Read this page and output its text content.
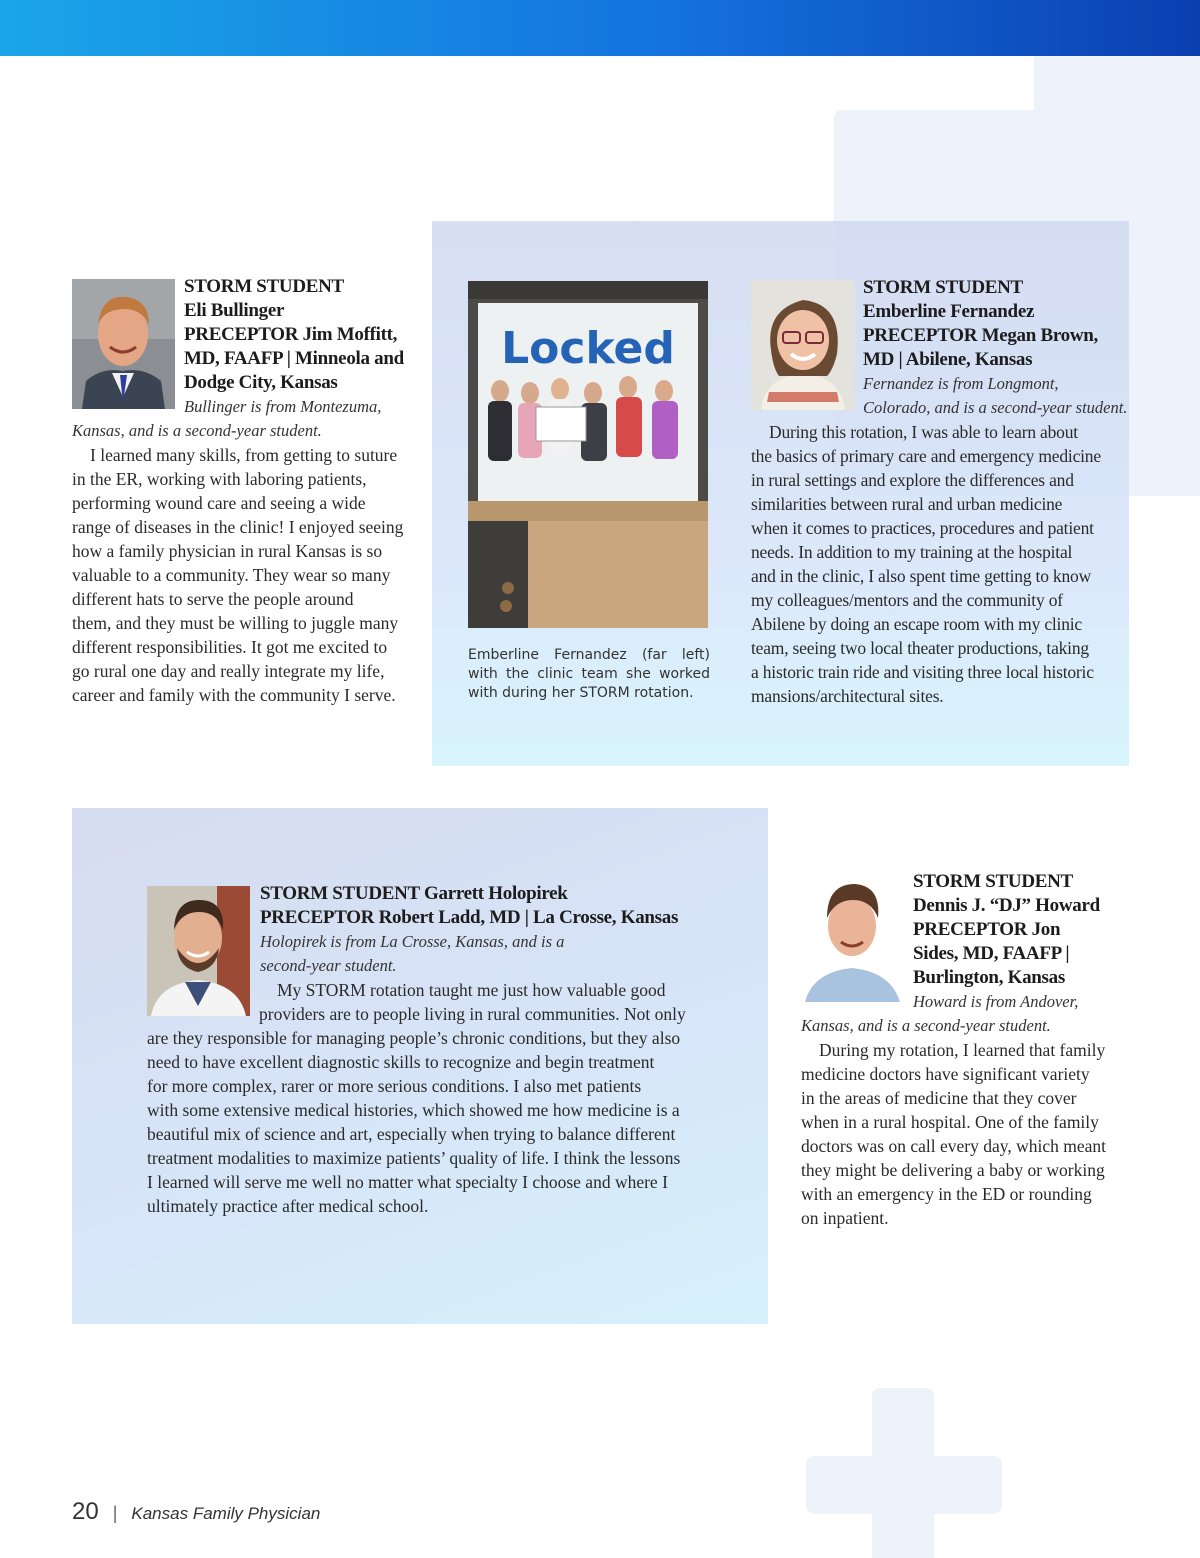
STORM STUDENT
Eli Bullinger
PRECEPTOR Jim Moffitt,
MD, FAAFP | Minneola and
Dodge City, Kansas
Bullinger is from Montezuma,
Kansas, and is a second-year student.
I learned many skills, from getting to suture
in the ER, working with laboring patients,
performing wound care and seeing a wide
range of diseases in the clinic! I enjoyed seeing
how a family physician in rural Kansas is so
valuable to a community. They wear so many
different hats to serve the people around
them, and they must be willing to juggle many
different responsibilities. It got me excited to
go rural one day and really integrate my life,
career and family with the community I serve.
Locked
Emberline Fernandez (far left) with the clinic team she worked with during her STORM rotation.
STORM STUDENT
Emberline Fernandez
PRECEPTOR Megan Brown,
MD | Abilene, Kansas
Fernandez is from Longmont,
Colorado, and is a second-year student.
During this rotation, I was able to learn about
the basics of primary care and emergency medicine
in rural settings and explore the differences and
similarities between rural and urban medicine
when it comes to practices, procedures and patient
needs. In addition to my training at the hospital
and in the clinic, I also spent time getting to know
my colleagues/mentors and the community of
Abilene by doing an escape room with my clinic
team, seeing two local theater productions, taking
a historic train ride and visiting three local historic
mansions/architectural sites.
STORM STUDENT Garrett Holopirek
PRECEPTOR Robert Ladd, MD | La Crosse, Kansas
Holopirek is from La Crosse, Kansas, and is a
second-year student.
My STORM rotation taught me just how valuable good
providers are to people living in rural communities. Not only
are they responsible for managing people’s chronic conditions, but they also
need to have excellent diagnostic skills to recognize and begin treatment
for more complex, rarer or more serious conditions. I also met patients
with some extensive medical histories, which showed me how medicine is a
beautiful mix of science and art, especially when trying to balance different
treatment modalities to maximize patients’ quality of life. I think the lessons
I learned will serve me well no matter what specialty I choose and where I
ultimately practice after medical school.
STORM STUDENT
Dennis J. “DJ” Howard
PRECEPTOR Jon
Sides, MD, FAAFP |
Burlington, Kansas
Howard is from Andover,
Kansas, and is a second-year student.
During my rotation, I learned that family
medicine doctors have significant variety
in the areas of medicine that they cover
when in a rural hospital. One of the family
doctors was on call every day, which meant
they might be delivering a baby or working
with an emergency in the ED or rounding
on inpatient.
20 | Kansas Family Physician
